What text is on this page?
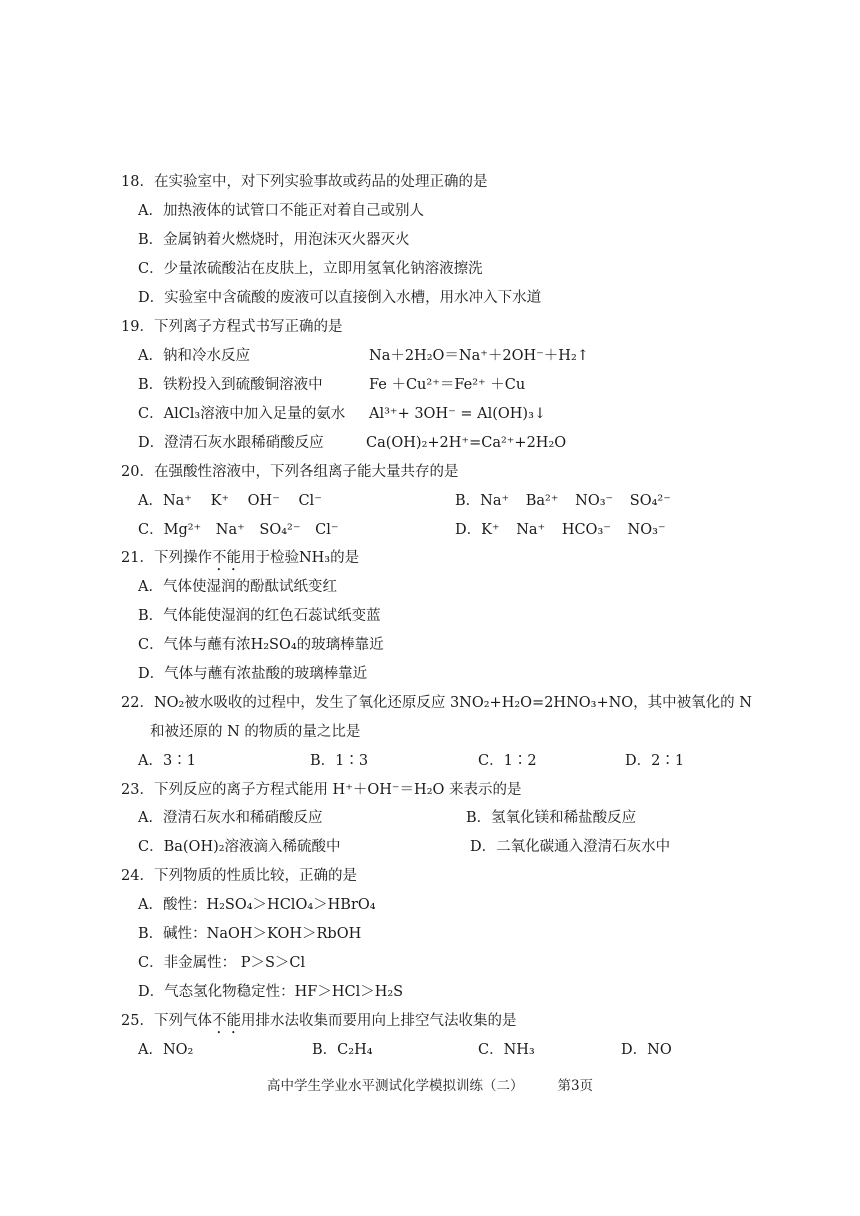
18．在实验室中，对下列实验事故或药品的处理正确的是
A．加热液体的试管口不能正对着自己或别人
B．金属钠着火燃烧时，用泡沫灭火器灭火
C．少量浓硫酸沾在皮肤上，立即用氢氧化钠溶液擦洗
D．实验室中含硫酸的废液可以直接倒入水槽，用水冲入下水道
19．下列离子方程式书写正确的是
A．钠和冷水反应	Na＋2H₂O＝Na⁺＋2OH⁻＋H₂↑
B．铁粉投入到硫酸铜溶液中	Fe ＋Cu²⁺＝Fe²⁺ ＋Cu
C．AlCl₃溶液中加入足量的氨水 Al³⁺+ 3OH⁻ = Al(OH)₃↓
D．澄清石灰水跟稀硝酸反应	Ca(OH)₂+2H⁺=Ca²⁺+2H₂O
20．在强酸性溶液中，下列各组离子能大量共存的是
A．Na⁺ K⁺ OH⁻ Cl⁻	B．Na⁺ Ba²⁺ NO₃⁻ SO₄²⁻
C．Mg²⁺ Na⁺ SO₄²⁻ Cl⁻	D．K⁺ Na⁺ HCO₃⁻ NO₃⁻
21．下列操作不能用于检验NH₃的是
A．气体使湿润的酚酞试纸变红
B．气体能使湿润的红色石蕊试纸变蓝
C．气体与蘸有浓H₂SO₄的玻璃棒靠近
D．气体与蘸有浓盐酸的玻璃棒靠近
22．NO₂被水吸收的过程中，发生了氧化还原反应 3NO₂+H₂O=2HNO₃+NO，其中被氧化的 N
和被还原的 N 的物质的量之比是
A．3∶1	B．1∶3	C．1∶2	D．2∶1
23．下列反应的离子方程式能用 H⁺＋OH⁻＝H₂O 来表示的是
A．澄清石灰水和稀硝酸反应	B．氢氧化镁和稀盐酸反应
C．Ba(OH)₂溶液滴入稀硫酸中	D．二氧化碳通入澄清石灰水中
24．下列物质的性质比较，正确的是
A．酸性：H₂SO₄＞HClO₄＞HBrO₄
B．碱性：NaOH＞KOH＞RbOH
C．非金属性： P＞S＞Cl
D．气态氢化物稳定性：HF＞HCl＞H₂S
25．下列气体不能用排水法收集而要用向上排空气法收集的是
A．NO₂	B．C₂H₄	C．NH₃	D．NO
高中学生学业水平测试化学模拟训练（二）	第3页
